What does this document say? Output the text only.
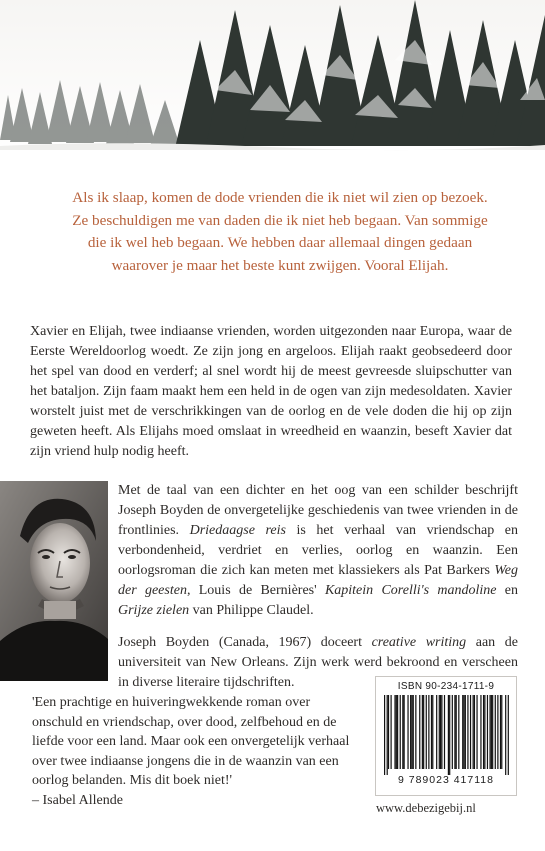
Als ik slaap, komen de dode vrienden die ik niet wil zien op bezoek.

Ze beschuldigen me van daden die ik niet heb begaan. Van sommige

die ik wel heb begaan. We hebben daar allemaal dingen gedaan

waarover je maar het beste kunt zwijgen. Vooral Elijah.

Xavier en Elijah, twee indiaanse vrienden, worden uitgezonden naar Europa, waar de Eerste Wereldoorlog woedt. Ze zijn jong en argeloos. Elijah raakt geobsedeerd door het spel van dood en verderf; al snel wordt hij de meest gevreesde sluipschutter van het bataljon. Zijn faam maakt hem een held in de ogen van zijn medesoldaten. Xavier worstelt juist met de verschrikkingen van de oorlog en de vele doden die hij op zijn geweten heeft. Als Elijahs moed omslaat in wreedheid en waanzin, beseft Xavier dat zijn vriend hulp nodig heeft.

Met de taal van een dichter en het oog van een schilder beschrijft Joseph Boyden de onvergetelijke geschiedenis van twee vrienden in de frontlinies. Driedaagse reis is het verhaal van vriendschap en verbondenheid, verdriet en verlies, oorlog en waanzin. Een oorlogsroman die zich kan meten met klassiekers als Pat Barkers Weg der geesten, Louis de Bernières' Kapitein Corelli's mandoline en Grijze zielen van Philippe Claudel.

Joseph Boyden (Canada, 1967) doceert creative writing aan de universiteit van New Orleans. Zijn werk werd bekroond en verscheen in diverse literaire tijdschriften.

'Een prachtige en huiveringwekkende roman over onschuld en vriendschap, over dood, zelfbehoud en de liefde voor een land. Maar ook een onvergetelijk verhaal over twee indiaanse jongens die in de waanzin van een oorlog belanden. Mis dit boek niet!'

– Isabel Allende

ISBN 90-234-1711-9
9 789023 417118
www.debezigebij.nl
